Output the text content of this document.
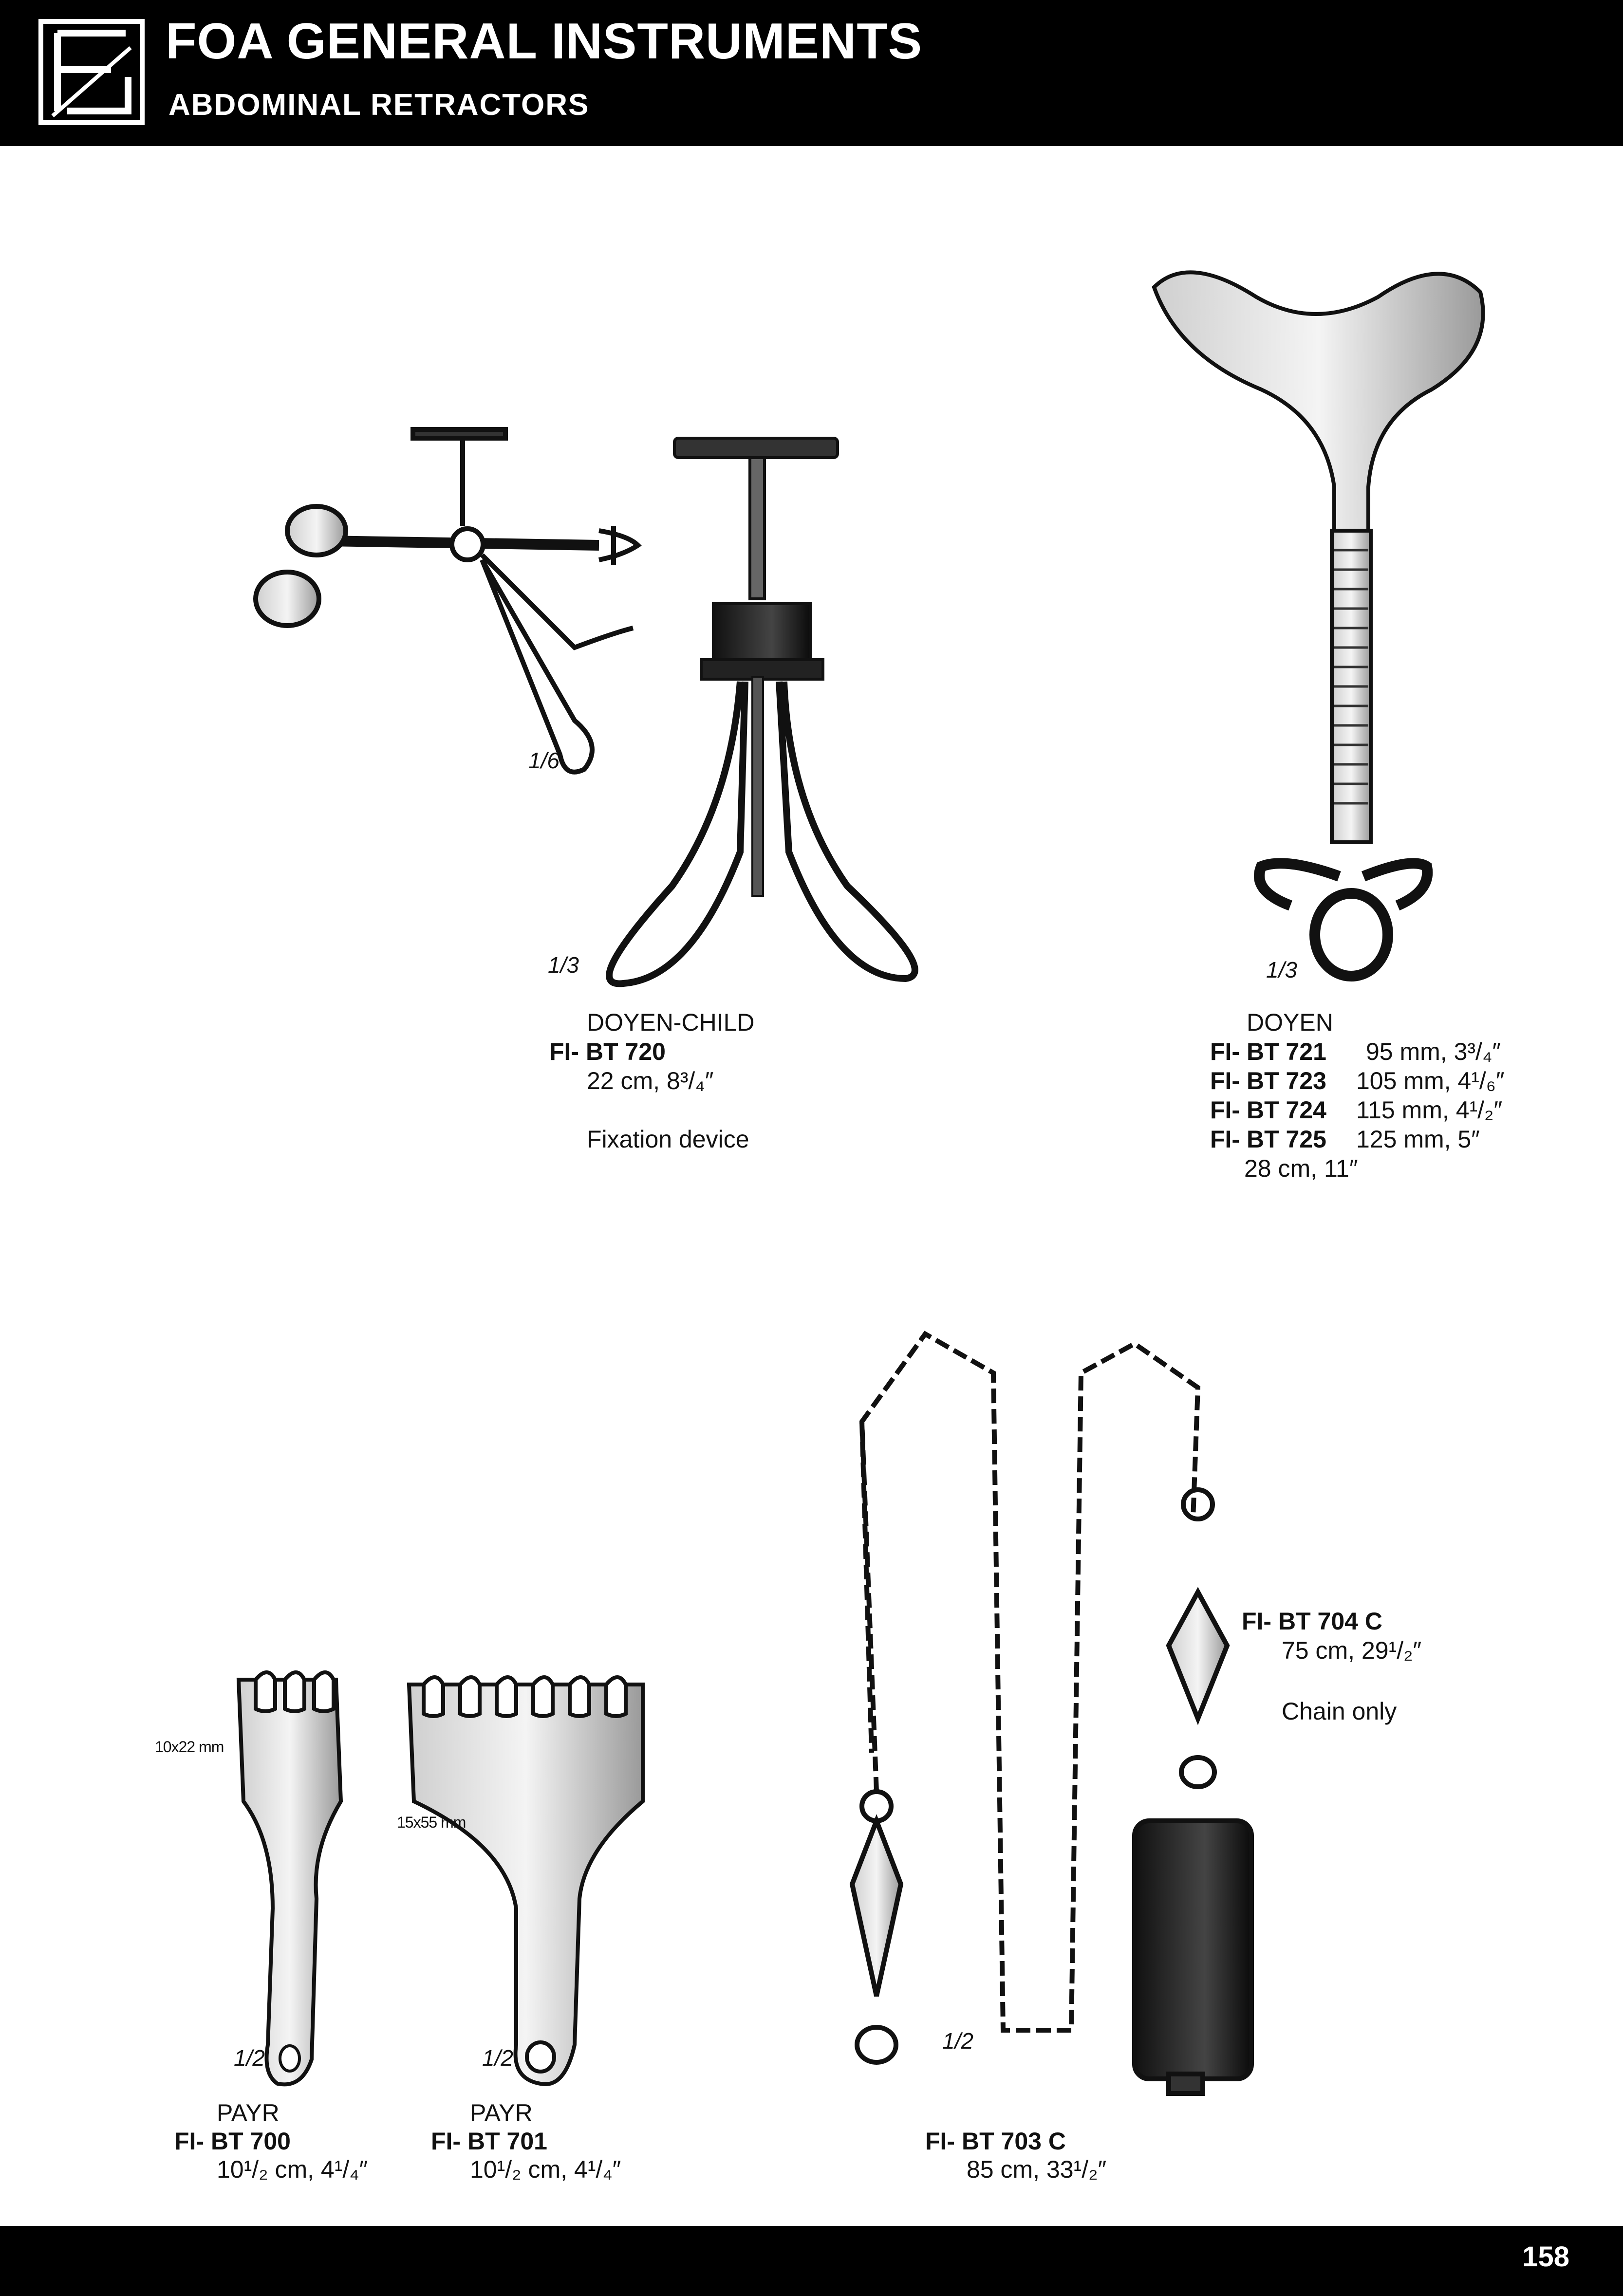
FOA GENERAL INSTRUMENTS
ABDOMINAL RETRACTORS
1/6
1/3	1/3
1/2	1/2
1/2
10x22 mm
15x55 mm
DOYEN-CHILD
FI- BT 720
22 cm, 8³/₄″
Fixation device
DOYEN
FI- BT 721	95 mm, 3³/₄″
FI- BT 723	105 mm, 4¹/₆″
FI- BT 724	115 mm, 4¹/₂″
FI- BT 725	125 mm, 5″
28 cm, 11″
FI- BT 704 C
75 cm, 29¹/₂″
Chain only
PAYR
FI- BT 700
10¹/₂ cm, 4¹/₄″
PAYR
FI- BT 701
10¹/₂ cm, 4¹/₄″
FI- BT 703 C
85 cm, 33¹/₂″
158
